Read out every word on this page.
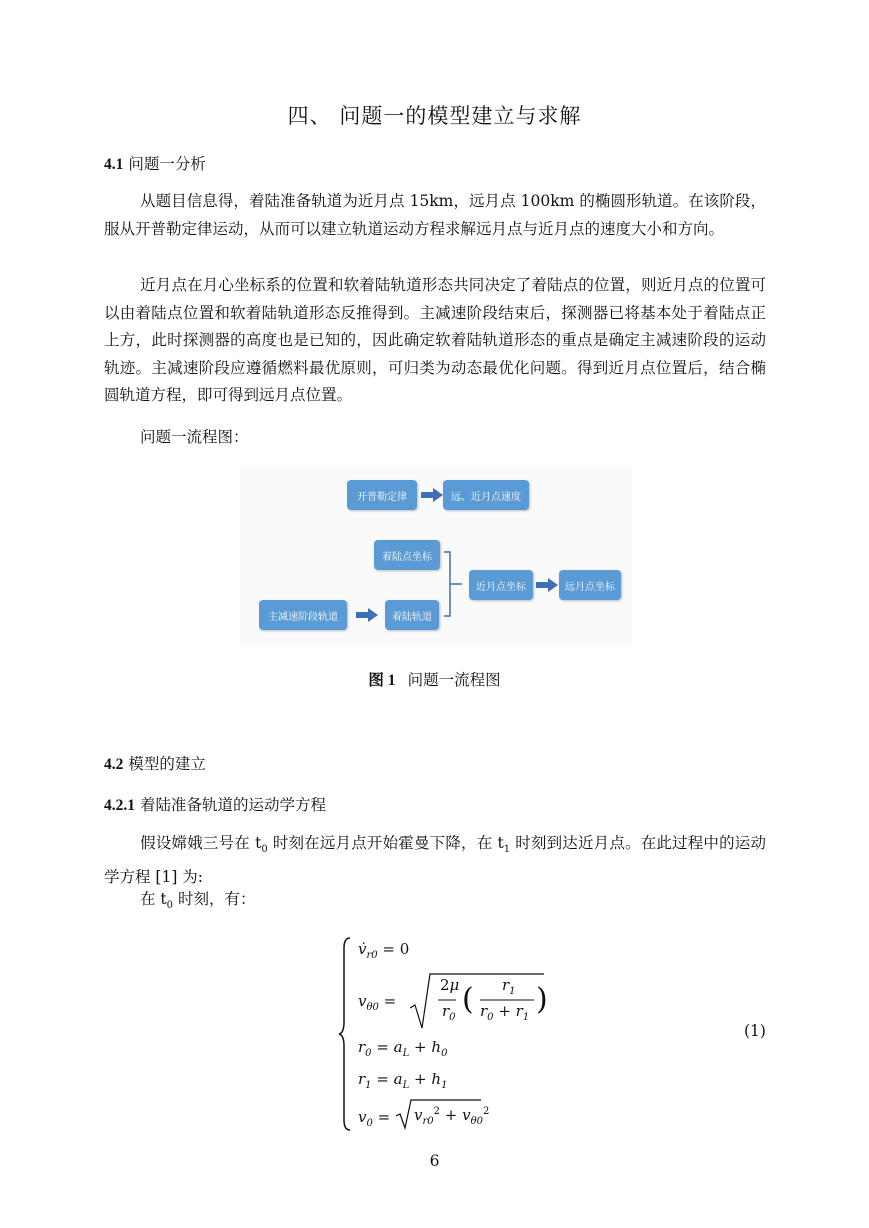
四、 问题一的模型建立与求解
4.1 问题一分析
从题目信息得，着陆准备轨道为近月点 15km，远月点 100km 的椭圆形轨道。在该阶段，服从开普勒定律运动，从而可以建立轨道运动方程求解远月点与近月点的速度大小和方向。
近月点在月心坐标系的位置和软着陆轨道形态共同决定了着陆点的位置，则近月点的位置可以由着陆点位置和软着陆轨道形态反推得到。主减速阶段结束后，探测器已将基本处于着陆点正上方，此时探测器的高度也是已知的，因此确定软着陆轨道形态的重点是确定主减速阶段的运动轨迹。主减速阶段应遵循燃料最优原则，可归类为动态最优化问题。得到近月点位置后，结合椭圆轨道方程，即可得到远月点位置。
问题一流程图：
开普勒定律	远、近月点速度
着陆点坐标
主减速阶段轨道	着陆轨道
近月点坐标	远月点坐标
图 1 问题一流程图
4.2 模型的建立
4.2.1 着陆准备轨道的运动学方程
假设嫦娥三号在 $t_0$ 时刻在远月点开始霍曼下降，在 $t_1$ 时刻到达近月点。在此过程中的运动学方程 [1] 为:
在 $t_0$ 时刻，有：
$v̇_{r0} = 0$
$v_{\theta 0}$ =
2μ
$r_0$
( $r_1$
$r_0 + r_1$
)
$r_0 = a_L + h_0$
$r_1 = a_L + h_1$
$v_0 = v_{r0}^2 + v_{\theta 0}^2$
(1)
6
